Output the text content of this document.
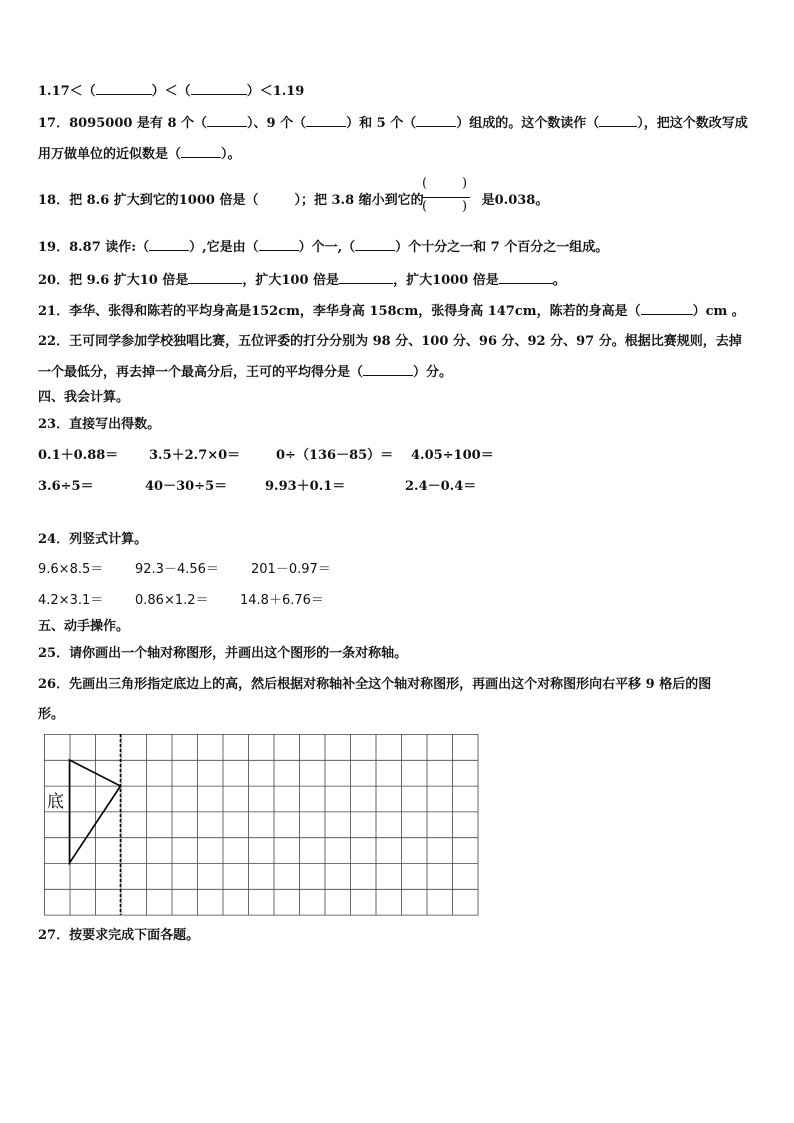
1.17＜（	）＜（	）＜1.19
17．8095000 是有 8 个（	）、9 个（	）和 5 个（	）组成的。这个数读作（	），把这个数改写成
用万做单位的近似数是（	）。
18．把 8.6 扩大到它的1000 倍是（	）；把 3.8 缩小到它的	是0.038。
(	)
(	)
19．8.87 读作:（	）,它是由（	）个一,（	）个十分之一和 7 个百分之一组成。
20．把 9.6 扩大10 倍是	，扩大100 倍是	，扩大1000 倍是	。
21．李华、张得和陈若的平均身高是152cm，李华身高 158cm，张得身高 147cm，陈若的身高是（	）cm 。
22．王可同学参加学校独唱比赛，五位评委的打分分别为 98 分、100 分、96 分、92 分、97 分。根据比赛规则，去掉
一个最低分，再去掉一个最高分后，王可的平均得分是（	）分。
四、我会计算。
23．直接写出得数。
0.1＋0.88＝ 3.5＋2.7×0＝	0÷（136－85）＝ 4.05÷100＝
3.6÷5＝	40－30÷5＝	9.93＋0.1＝	2.4－0.4＝
24．列竖式计算。
9.6×8.5＝ 92.3－4.56＝ 201－0.97＝
4.2×3.1＝ 0.86×1.2＝ 14.8＋6.76＝
五、动手操作。
25．请你画出一个轴对称图形，并画出这个图形的一条对称轴。
26．先画出三角形指定底边上的高，然后根据对称轴补全这个轴对称图形，再画出这个对称图形向右平移 9 格后的图
形。
底
27．按要求完成下面各题。
